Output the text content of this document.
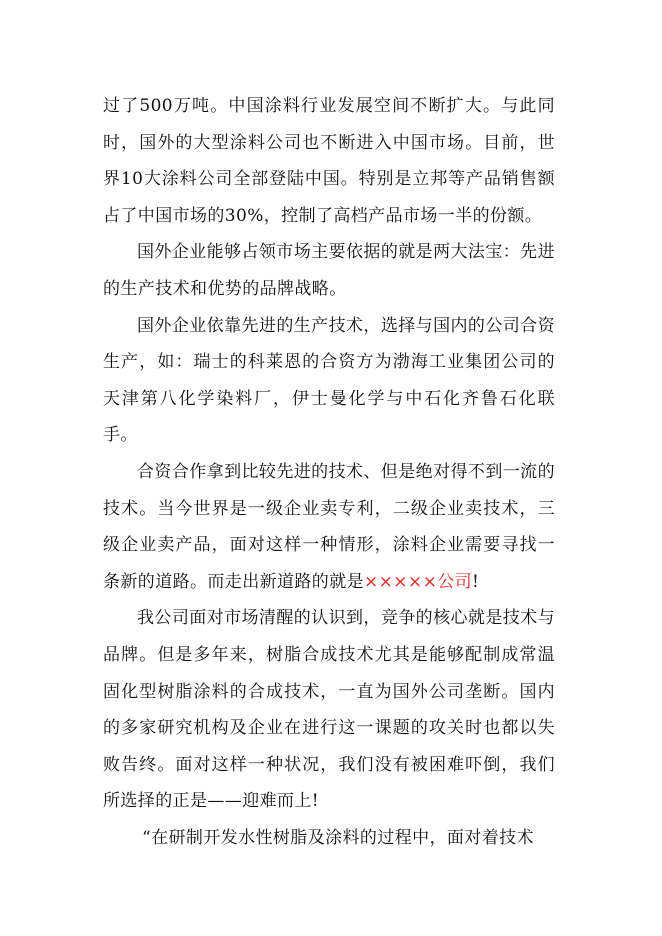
过了500万吨。中国涂料行业发展空间不断扩大。与此同时，国外的大型涂料公司也不断进入中国市场。目前，世界10大涂料公司全部登陆中国。特别是立邦等产品销售额占了中国市场的30%，控制了高档产品市场一半的份额。

国外企业能够占领市场主要依据的就是两大法宝：先进的生产技术和优势的品牌战略。

国外企业依靠先进的生产技术，选择与国内的公司合资生产，如：瑞士的科莱恩的合资方为渤海工业集团公司的天津第八化学染料厂，伊士曼化学与中石化齐鲁石化联手。

合资合作拿到比较先进的技术、但是绝对得不到一流的技术。当今世界是一级企业卖专利，二级企业卖技术，三级企业卖产品，面对这样一种情形，涂料企业需要寻找一条新的道路。而走出新道路的就是×××××公司!

我公司面对市场清醒的认识到，竞争的核心就是技术与品牌。但是多年来，树脂合成技术尤其是能够配制成常温固化型树脂涂料的合成技术，一直为国外公司垄断。国内的多家研究机构及企业在进行这一课题的攻关时也都以失败告终。面对这样一种状况，我们没有被困难吓倒，我们所选择的正是——迎难而上!

“在研制开发水性树脂及涂料的过程中，面对着技术
